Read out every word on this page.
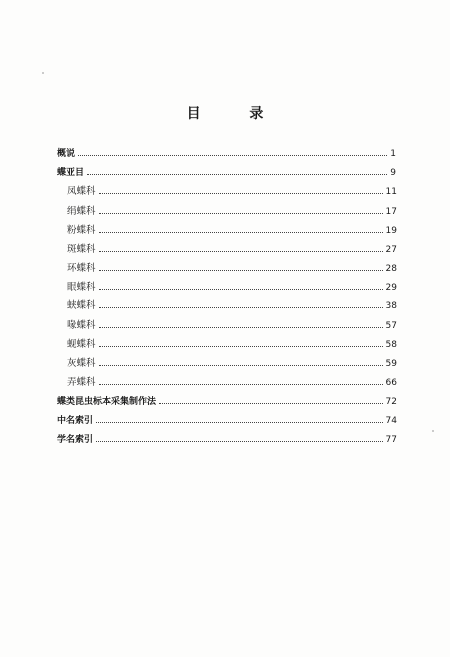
目 录
概说	1
蝶亚目	9
凤蝶科	11
绢蝶科	17
粉蝶科	19
斑蝶科	27
环蝶科	28
眼蝶科	29
蛱蝶科	38
喙蝶科	57
蚬蝶科	58
灰蝶科	59
弄蝶科	66
蝶类昆虫标本采集制作法	72
中名索引	74
学名索引	77
